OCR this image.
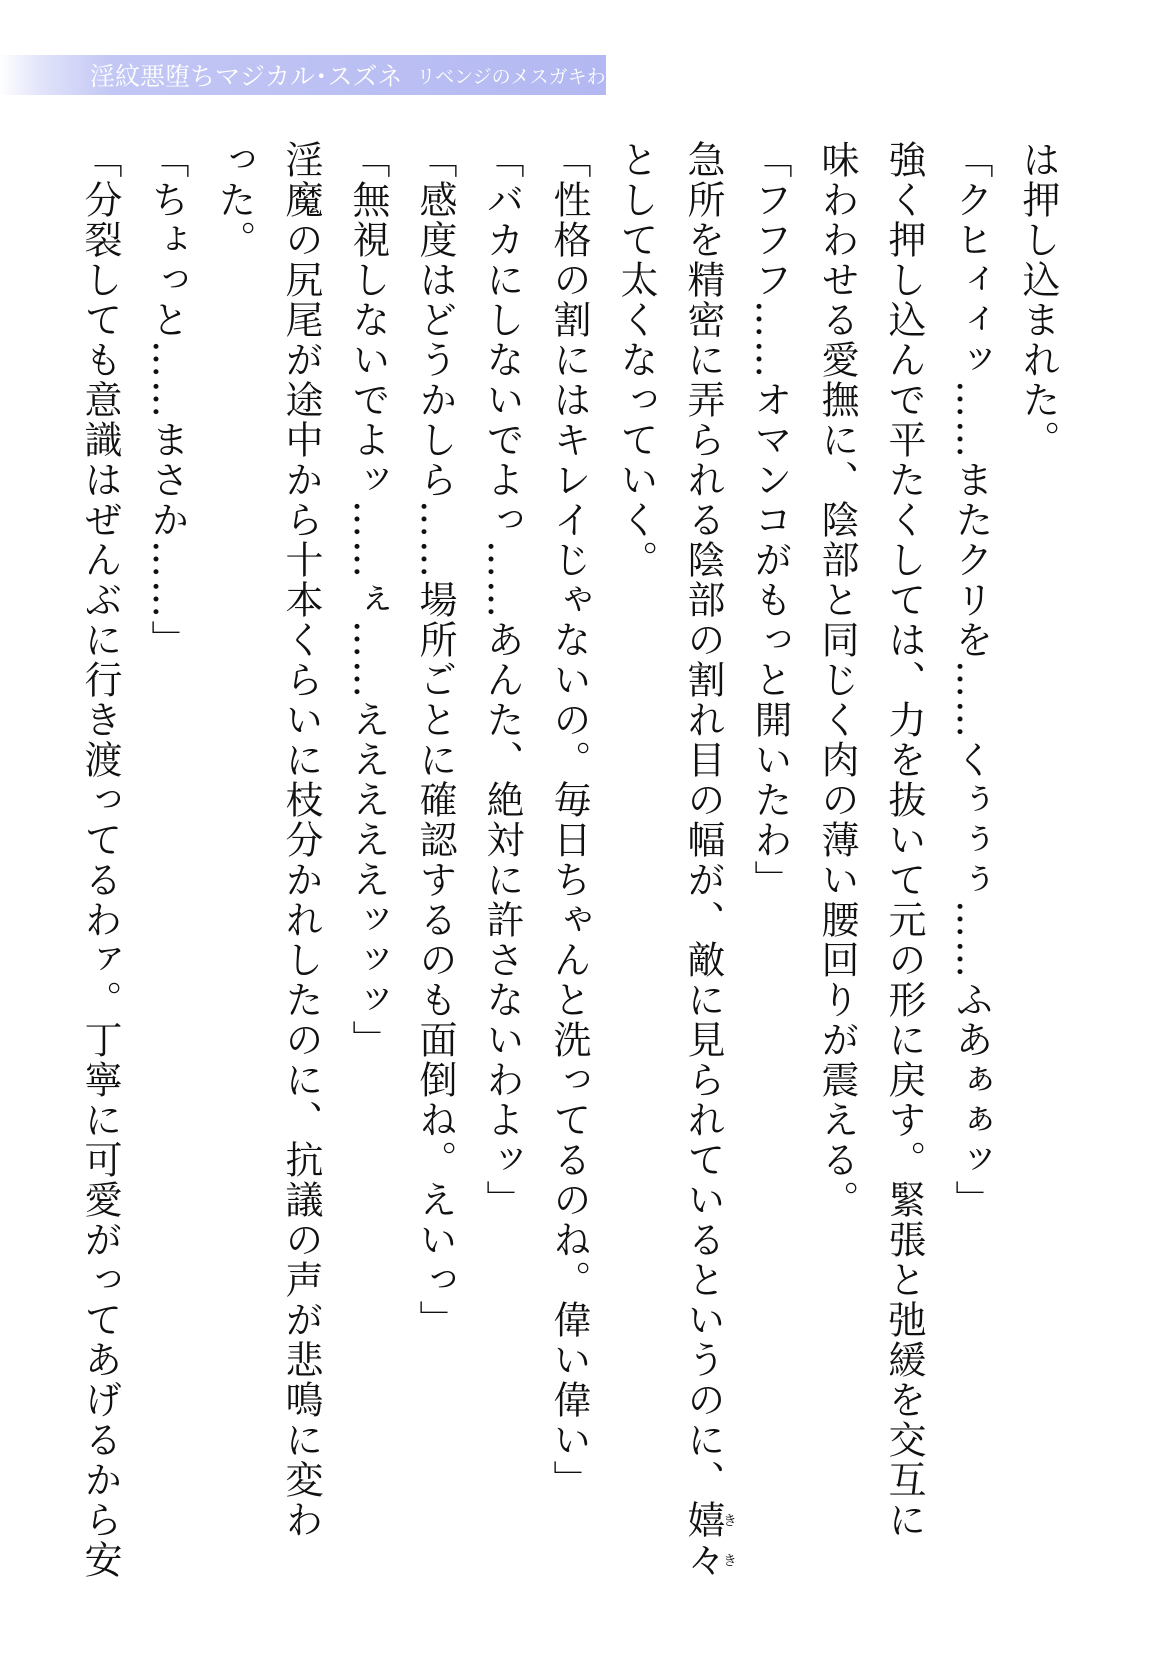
淫紋悪堕ちマジカル･スズネ リベンジのメスガキわからせ

は押し込まれた。

「クヒィィッ……またクリを……くぅぅぅ……ふあぁぁッ」

強く押し込んで平たくしては、力を抜いて元の形に戻す。緊張と弛緩を交互に

味わわせる愛撫に、陰部と同じく肉の薄い腰回りが震える。

「フフフ……オマンコがもっと開いたわ」

急所を精密に弄られる陰部の割れ目の幅が、敵に見られているというのに、嬉々きき

として太くなっていく。

「性格の割にはキレイじゃないの。毎日ちゃんと洗ってるのね。偉い偉い」

「バカにしないでよっ……あんた、絶対に許さないわよッ」

「感度はどうかしら……場所ごとに確認するのも面倒ね。えいっ」

「無視しないでよッ……ぇ……えええええッッッ」

淫魔の尻尾が途中から十本くらいに枝分かれしたのに、抗議の声が悲鳴に変わ

った。

「ちょっと……まさか……」

「分裂しても意識はぜんぶに行き渡ってるわァ。丁寧に可愛がってあげるから安
